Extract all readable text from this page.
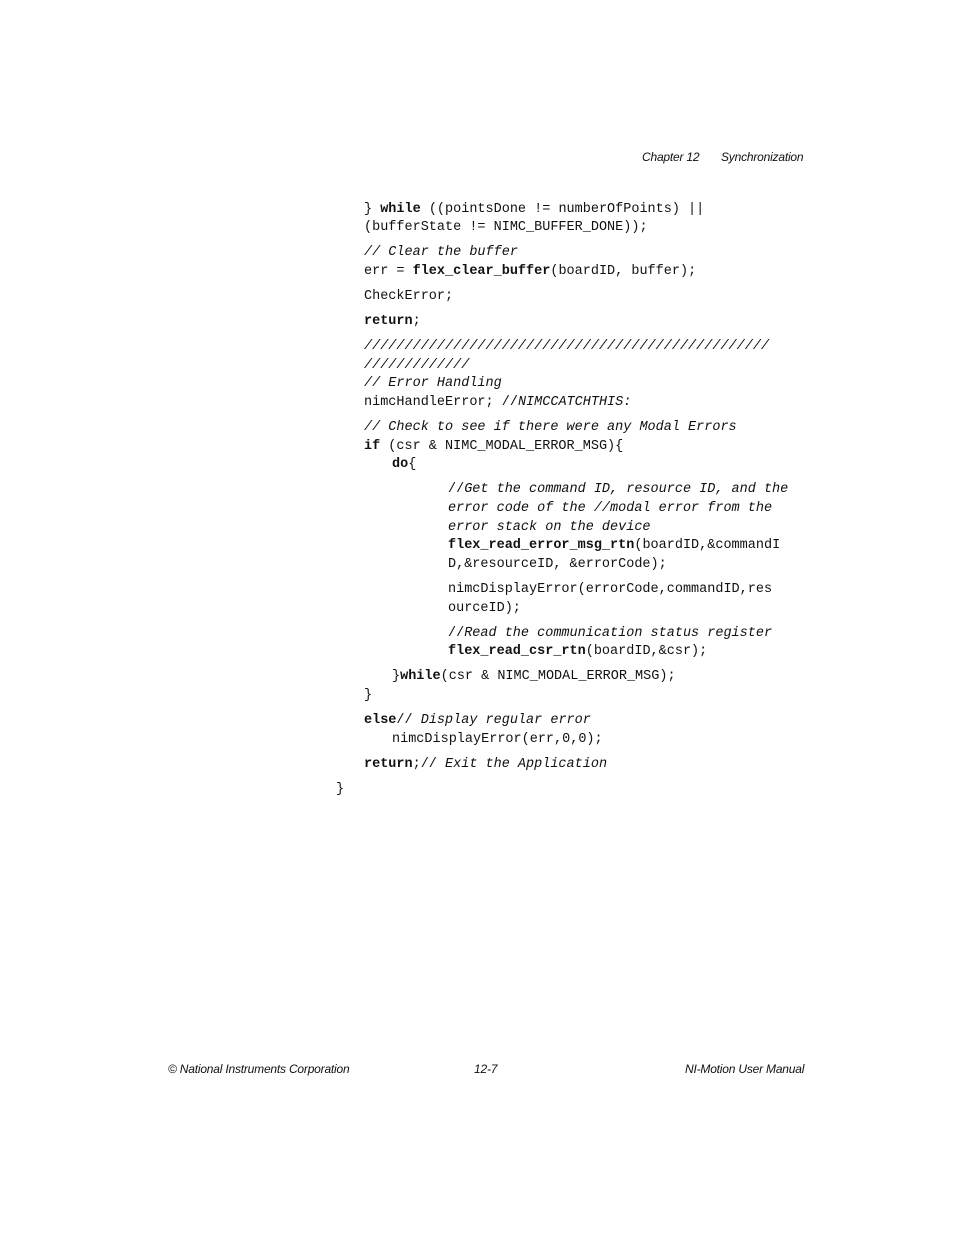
Chapter 12 Synchronization

} while ((pointsDone != numberOfPoints) ||

(bufferState != NIMC_BUFFER_DONE));

// Clear the buffer

err = flex_clear_buffer(boardID, buffer);

CheckError;

return;

//////////////////////////////////////////////////

/////////////

// Error Handling

nimcHandleError; //NIMCCATCHTHIS:

// Check to see if there were any Modal Errors

if (csr & NIMC_MODAL_ERROR_MSG){

do{

//Get the command ID, resource ID, and the

error code of the //modal error from the

error stack on the device

flex_read_error_msg_rtn(boardID,&commandI

D,&resourceID, &errorCode);

nimcDisplayError(errorCode,commandID,res

ourceID);

//Read the communication status register

flex_read_csr_rtn(boardID,&csr);

}while(csr & NIMC_MODAL_ERROR_MSG);

}

else// Display regular error

nimcDisplayError(err,0,0);

return;// Exit the Application

}

© National Instruments Corporation	12-7	NI-Motion User Manual
